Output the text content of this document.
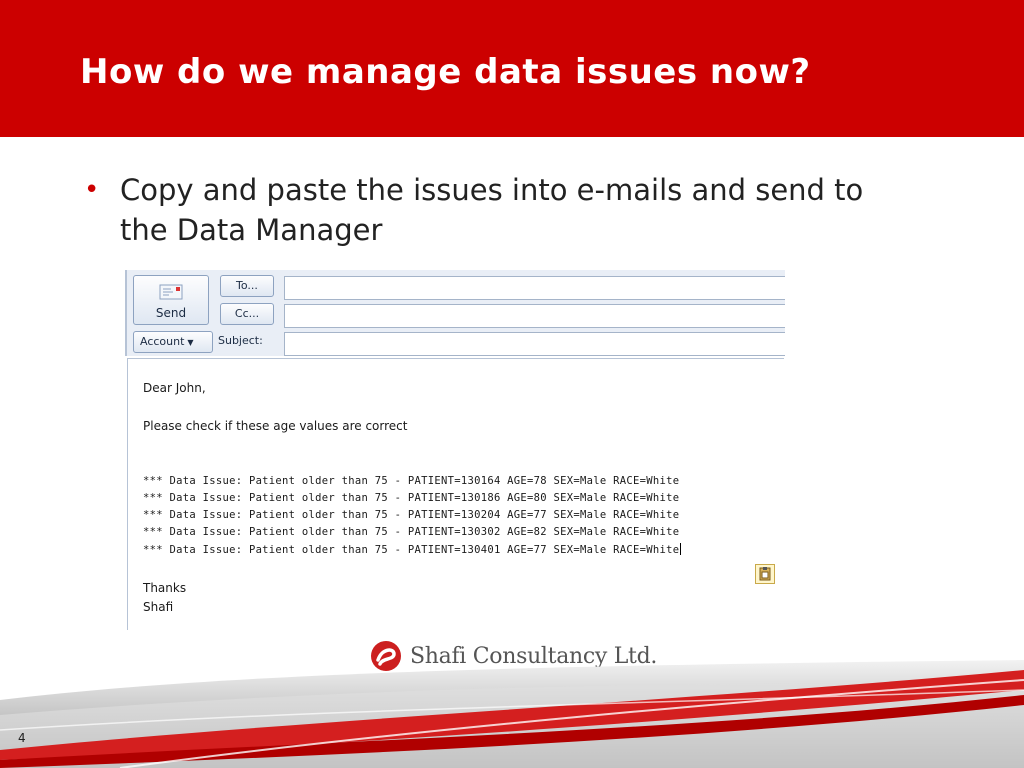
How do we manage data issues now?
• Copy and paste the issues into e-mails and send to the Data Manager
Send
To...
Cc...
Account ▼	Subject:
Dear John,
Please check if these age values are correct
*** Data Issue: Patient older than 75 - PATIENT=130164 AGE=78 SEX=Male RACE=White
*** Data Issue: Patient older than 75 - PATIENT=130186 AGE=80 SEX=Male RACE=White
*** Data Issue: Patient older than 75 - PATIENT=130204 AGE=77 SEX=Male RACE=White
*** Data Issue: Patient older than 75 - PATIENT=130302 AGE=82 SEX=Male RACE=White
*** Data Issue: Patient older than 75 - PATIENT=130401 AGE=77 SEX=Male RACE=White
Thanks
Shafi
Shafi Consultancy Ltd.
4
